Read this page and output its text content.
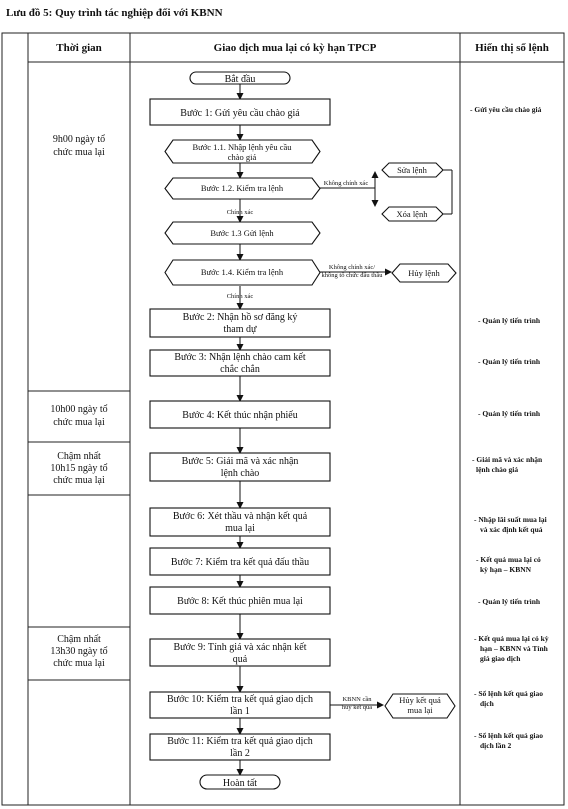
Lưu đồ 5: Quy trình tác nghiệp đối với KBNN
Thời gian	Giao dịch mua lại có kỳ hạn TPCP	Hiển thị sổ lệnh
9h00 ngày tổ chức mua lại
10h00 ngày tổ chức mua lại
Chậm nhất 10h15 ngày tổ chức mua lại
Chậm nhất 13h30 ngày tổ chức mua lại
Bắt đầu
Bước 1: Gửi yêu cầu chào giá
Bước 1.1. Nhập lệnh yêu cầu chào giá
Bước 1.2. Kiểm tra lệnh
Sửa lệnh
Xóa lệnh
Không chính xác
Chính xác
Bước 1.3 Gửi lệnh
Bước 1.4. Kiểm tra lệnh	Không chính xác/ không tổ chức đấu thầu	Hủy lệnh
Chính xác
Bước 2: Nhận hồ sơ đăng ký tham dự
Bước 3: Nhận lệnh chào cam kết chắc chắn
Bước 4: Kết thúc nhận phiếu
Bước 5: Giải mã và xác nhận lệnh chào
Bước 6: Xét thầu và nhận kết quả mua lại
Bước 7: Kiểm tra kết quả đấu thầu
Bước 8: Kết thúc phiên mua lại
Bước 9: Tính giá và xác nhận kết quả
Bước 10: Kiểm tra kết quả giao dịch lần 1
KBNN cần hủy kết quả
Hủy kết quả mua lại
Bước 11: Kiểm tra kết quả giao dịch lần 2
Hoàn tất
- Gửi yêu cầu chào giá
- Quản lý tiến trình
- Quản lý tiến trình
- Quản lý tiến trình
- Giải mã và xác nhận lệnh chào giá
- Nhập lãi suất mua lại và xác định kết quả
- Kết quả mua lại có kỳ hạn – KBNN
- Quản lý tiến trình
- Kết quả mua lại có kỳ hạn – KBNN và Tính giá giao dịch
- Sổ lệnh kết quả giao dịch
- Sổ lệnh kết quả giao dịch lần 2
